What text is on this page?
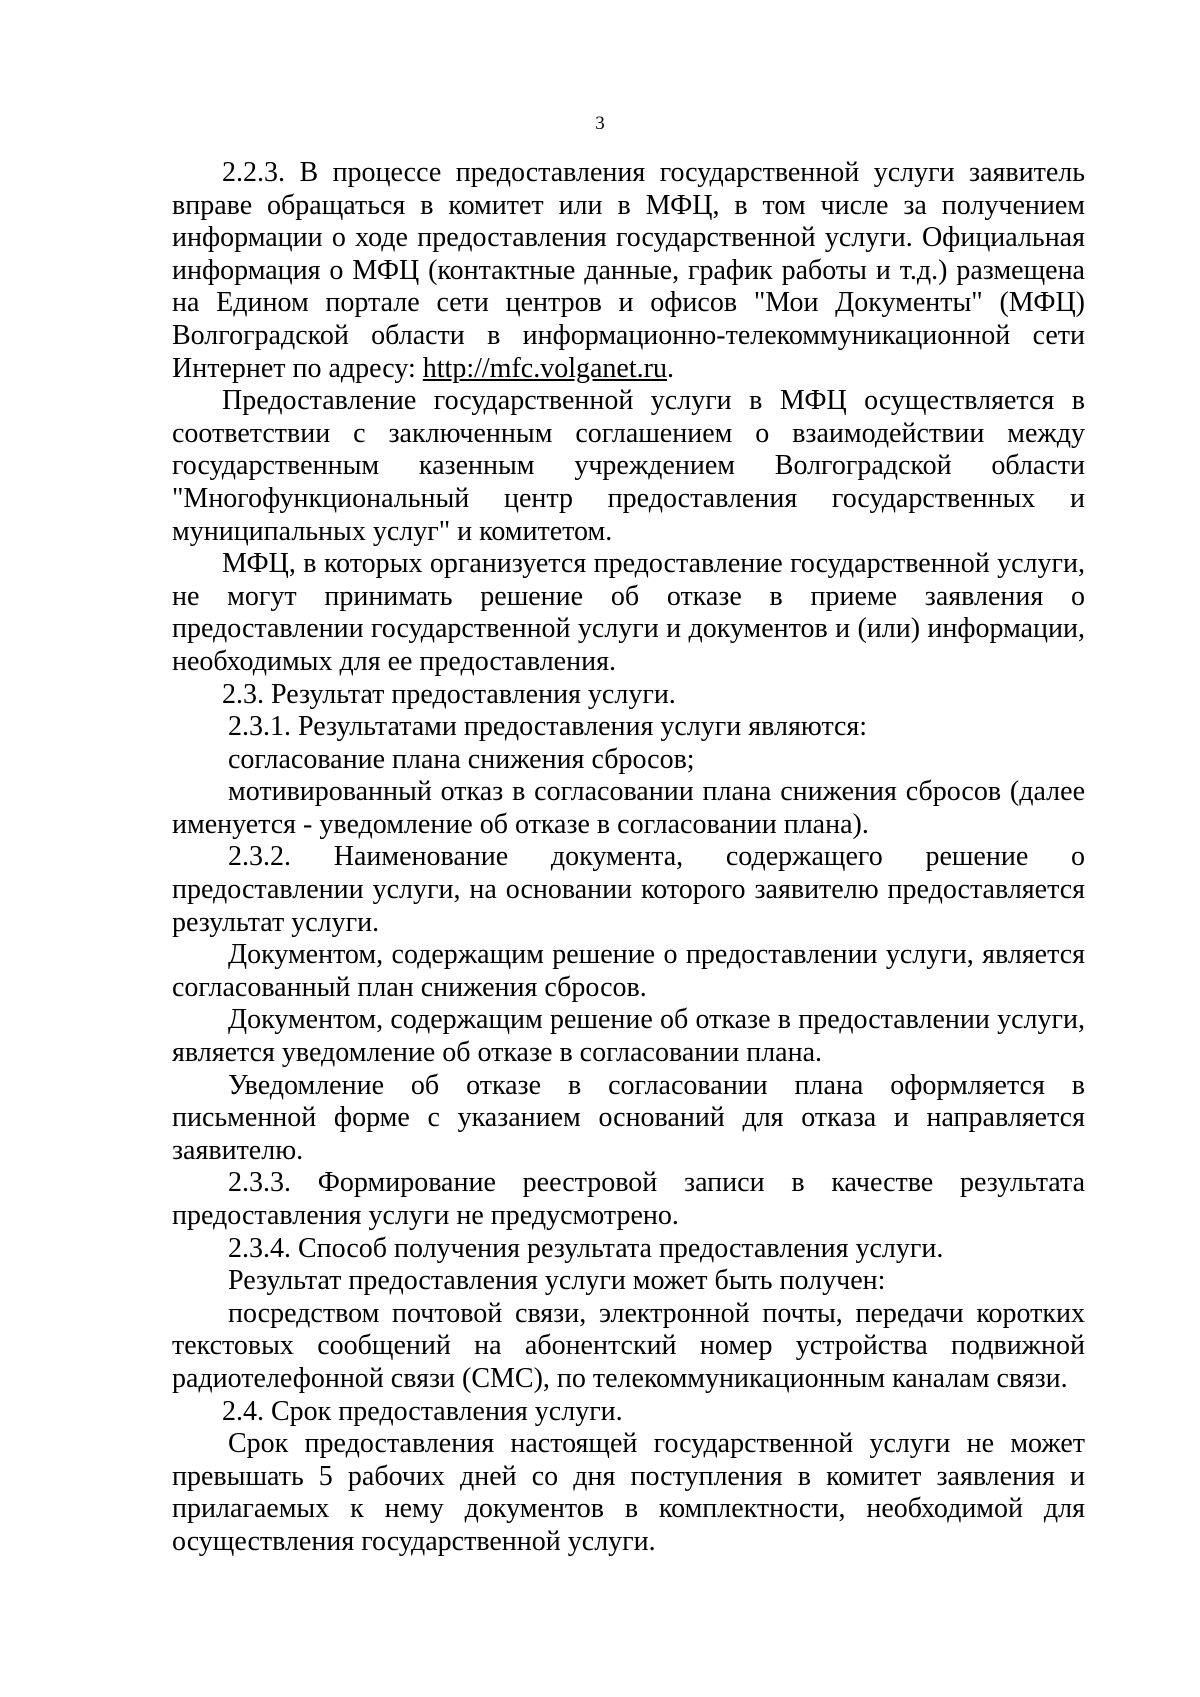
3

2.2.3. В процессе предоставления государственной услуги заявитель вправе обращаться в комитет или в МФЦ, в том числе за получением информации о ходе предоставления государственной услуги. Официальная информация о МФЦ (контактные данные, график работы и т.д.) размещена на Едином портале сети центров и офисов "Мои Документы" (МФЦ) Волгоградской области в информационно-телекоммуникационной сети Интернет по адресу: http://mfc.volganet.ru.

Предоставление государственной услуги в МФЦ осуществляется в соответствии с заключенным соглашением о взаимодействии между государственным казенным учреждением Волгоградской области "Многофункциональный центр предоставления государственных и муниципальных услуг" и комитетом.

МФЦ, в которых организуется предоставление государственной услуги, не могут принимать решение об отказе в приеме заявления о предоставлении государственной услуги и документов и (или) информации, необходимых для ее предоставления.

2.3. Результат предоставления услуги.

2.3.1. Результатами предоставления услуги являются:

согласование плана снижения сбросов;

мотивированный отказ в согласовании плана снижения сбросов (далее именуется - уведомление об отказе в согласовании плана).

2.3.2. Наименование документа, содержащего решение о предоставлении услуги, на основании которого заявителю предоставляется результат услуги.

Документом, содержащим решение о предоставлении услуги, является согласованный план снижения сбросов.

Документом, содержащим решение об отказе в предоставлении услуги, является уведомление об отказе в согласовании плана.

Уведомление об отказе в согласовании плана оформляется в письменной форме с указанием оснований для отказа и направляется заявителю.

2.3.3. Формирование реестровой записи в качестве результата предоставления услуги не предусмотрено.

2.3.4. Способ получения результата предоставления услуги.

Результат предоставления услуги может быть получен:

посредством почтовой связи, электронной почты, передачи коротких текстовых сообщений на абонентский номер устройства подвижной радиотелефонной связи (СМС), по телекоммуникационным каналам связи.

2.4. Срок предоставления услуги.

Срок предоставления настоящей государственной услуги не может превышать 5 рабочих дней со дня поступления в комитет заявления и прилагаемых к нему документов в комплектности, необходимой для осуществления государственной услуги.
